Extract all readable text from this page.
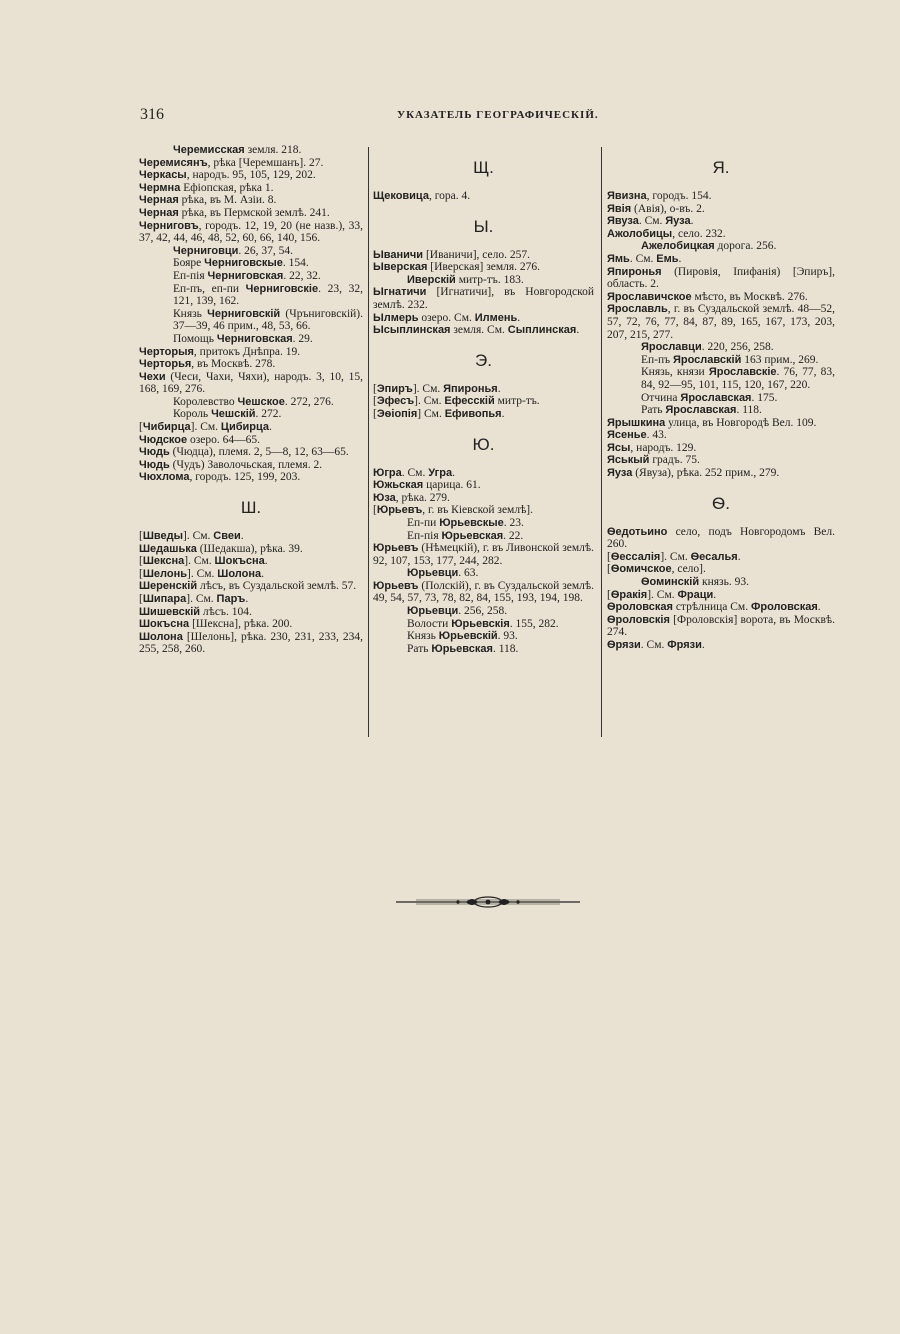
316	УКАЗАТЕЛЬ ГЕОГРАФИЧЕСКІЙ.

Черемисская земля. 218.

Черемисянъ, рѣка [Черемшанъ]. 27.

Черкасы, народъ. 95, 105, 129, 202.

Чермна Ефіопская, рѣка 1.

Черная рѣка, въ М. Азіи. 8.

Черная рѣка, въ Пермской землѣ. 241.

Черниговъ, городъ. 12, 19, 20 (не назв.), 33, 37, 42, 44, 46, 48, 52, 60, 66, 140, 156.

Черниговци. 26, 37, 54.

Бояре Черниговскые. 154.

Еп-пія Черниговская. 22, 32.

Еп-пъ, еп-пи Черниговскіе. 23, 32, 121, 139, 162.

Князь Черниговскій (Чръниговскій). 37—39, 46 прим., 48, 53, 66.

Помощь Черниговская. 29.

Черторыя, притокъ Днѣпра. 19.

Черторья, въ Москвѣ. 278.

Чехи (Чеси, Чахи, Чяхи), народъ. 3, 10, 15, 168, 169, 276.

Королевство Чешское. 272, 276.

Король Чешскій. 272.

[Чибирца]. См. Цибирца.

Чюдское озеро. 64—65.

Чюдь (Чюдца), племя. 2, 5—8, 12, 63—65.

Чюдь (Чудъ) Заволочьская, племя. 2.

Чюхлома, городъ. 125, 199, 203.

Ш.

[Шведы]. См. Свеи.

Шедашька (Шедакша), рѣка. 39.

[Шексна]. См. Шокъсна.

[Шелонь]. См. Шолона.

Шеренскій лѣсъ, въ Суздальской землѣ. 57.

[Шипара]. См. Паръ.

Шишевскій лѣсъ. 104.

Шокъсна [Шексна], рѣка. 200.

Шолона [Шелонь], рѣка. 230, 231, 233, 234, 255, 258, 260.

Щ.

Щековица, гора. 4.

Ы.

Ываничи [Иваничи], село. 257.

Ыверская [Иверская] земля. 276.

Иверскій митр-тъ. 183.

Ыгнатичи [Игнатичи], въ Новгородской землѣ. 232.

Ылмерь озеро. См. Илмень.

Ысыплинская земля. См. Сыплинская.

Э.

[Эпиръ]. См. Япиронья.

[Эфесъ]. См. Ефесскій митр-тъ.

[Эѳіопія] См. Ефивопья.

Ю.

Югра. См. Угра.

Южьская царица. 61.

Юза, рѣка. 279.

[Юрьевъ, г. въ Кіевской землѣ].

Еп-пи Юрьевскые. 23.

Еп-пія Юрьевская. 22.

Юрьевъ (Нѣмецкій), г. въ Ливонской землѣ. 92, 107, 153, 177, 244, 282.

Юрьевци. 63.

Юрьевъ (Полскій), г. въ Суздальской землѣ. 49, 54, 57, 73, 78, 82, 84, 155, 193, 194, 198.

Юрьевци. 256, 258.

Волости Юрьевскія. 155, 282.

Князь Юрьевскій. 93.

Рать Юрьевская. 118.

Я.

Явизна, городъ. 154.

Явія (Авія), о-въ. 2.

Явуза. См. Яуза.

Ажолобицы, село. 232.

Ажелобицкая дорога. 256.

Ямь. См. Емь.

Япиронья (Пировія, Іпифанія) [Эпиръ], область. 2.

Ярославичское мѣсто, въ Москвѣ. 276.

Ярославль, г. въ Суздальской землѣ. 48—52, 57, 72, 76, 77, 84, 87, 89, 165, 167, 173, 203, 207, 215, 277.

Ярославци. 220, 256, 258.

Еп-пъ Ярославскій 163 прим., 269.

Князь, князи Ярославскіе. 76, 77, 83, 84, 92—95, 101, 115, 120, 167, 220.

Отчина Ярославская. 175.

Рать Ярославская. 118.

Ярышкина улица, въ Новгородѣ Вел. 109.

Ясенье. 43.

Ясы, народъ. 129.

Яськый градъ. 75.

Яуза (Явуза), рѣка. 252 прим., 279.

Ѳ.

Ѳедотьино село, подъ Новгородомъ Вел. 260.

[Ѳессалія]. См. Ѳесалья.

[Ѳомичское, село].

Ѳоминскій князь. 93.

[Ѳракія]. См. Фраци.

Ѳроловская стрѣлница См. Фроловская.

Ѳроловскія [Фроловскія] ворота, въ Москвѣ. 274.

Ѳрязи. См. Фрязи.
